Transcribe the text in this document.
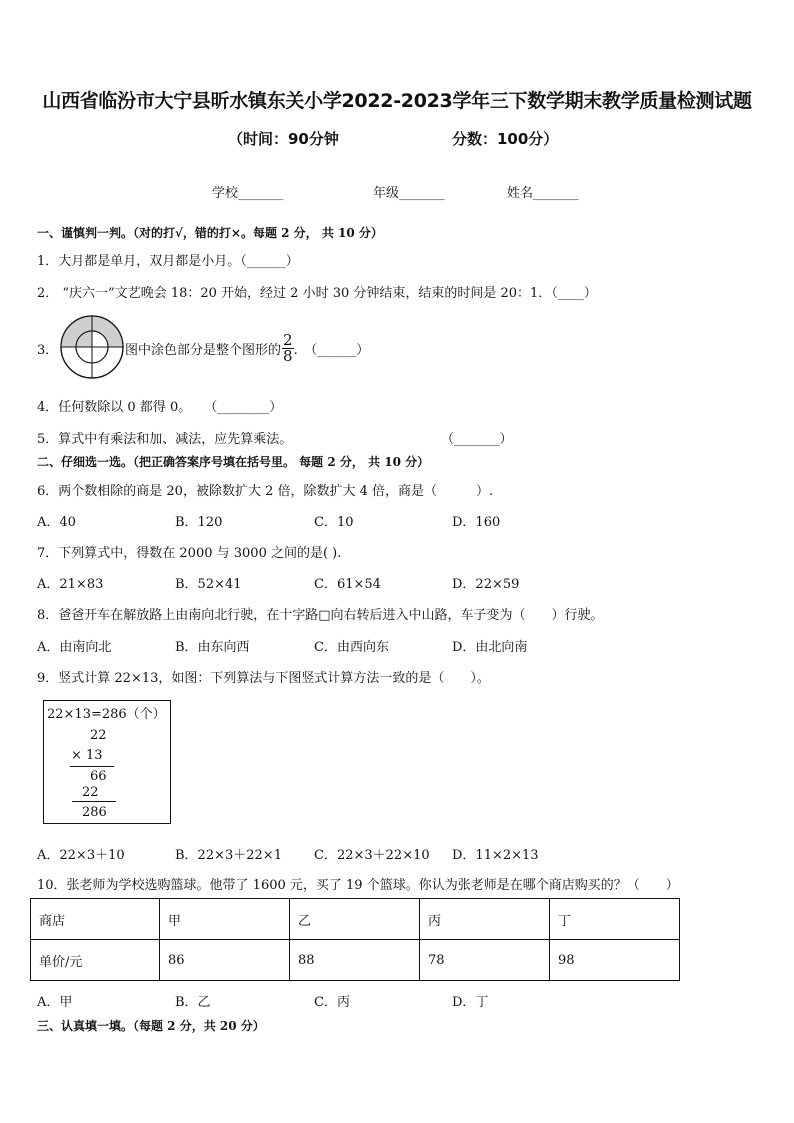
山西省临汾市大宁县昕水镇东关小学2022-2023学年三下数学期末教学质量检测试题
（时间：90分钟	分数：100分）
学校_______	年级_______	姓名_______
一、谨慎判一判。（对的打√，错的打×。每题 2 分， 共 10 分）
1．大月都是单月，双月都是小月。（______）
2． “庆六一”文艺晚会 18：20 开始，经过 2 小时 30 分钟结束，结束的时间是 20：1．（____）
3．	图中涂色部分是整个图形的 $\frac{2}{8}$ .　（______）
4．任何数除以 0 都得 0。　　（________）
5．算式中有乘法和加、减法，应先算乘法。	（_______）
二、仔细选一选。（把正确答案序号填在括号里。 每题 2 分， 共 10 分）
6．两个数相除的商是 20，被除数扩大 2 倍，除数扩大 4 倍，商是（　　　）.
A．40	B．120	C．10	D．160
7．下列算式中，得数在 2000 与 3000 之间的是( ).
A．21×83	B．52×41	C．61×54	D．22×59
8．爸爸开车在解放路上由南向北行驶，在十字路□向右转后进入中山路，车子变为（　　）行驶。
A．由南向北	B．由东向西	C．由西向东	D．由北向南
9．竖式计算 22×13，如图：下列算法与下图竖式计算方法一致的是（　　）。
22×13=286（个）
22
× 13
66
22
286
A．22×3＋10	B．22×3＋22×1 C．22×3＋22×10 D．11×2×13
10．张老师为学校选购篮球。他带了 1600 元，买了 19 个篮球。你认为张老师是在哪个商店购买的？（　　）
商店	甲	乙	丙	丁
单价/元	86	88	78	98
A．甲	B．乙	C．丙	D．丁
三、认真填一填。（每题 2 分，共 20 分）
